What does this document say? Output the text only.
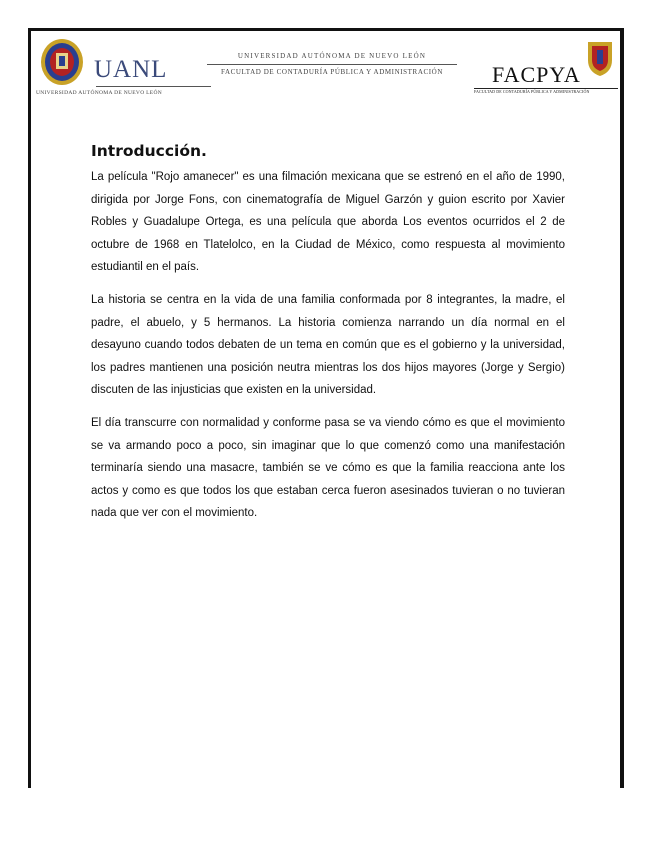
UANL
UNIVERSIDAD AUTÓNOMA DE NUEVO LEÓN
UNIVERSIDAD AUTÓNOMA DE NUEVO LEÓN
FACULTAD DE CONTADURÍA PÚBLICA Y ADMINISTRACIÓN	FACPYA
FACULTAD DE CONTADURÍA PÚBLICA Y ADMINISTRACIÓN
Introducción.

La película "Rojo amanecer" es una filmación mexicana que se estrenó en el año de 1990, dirigida por Jorge Fons, con cinematografía de Miguel Garzón y guion escrito por Xavier Robles y Guadalupe Ortega, es una película que aborda Los eventos ocurridos el 2 de octubre de 1968 en Tlatelolco, en la Ciudad de México, como respuesta al movimiento estudiantil en el país.

La historia se centra en la vida de una familia conformada por 8 integrantes, la madre, el padre, el abuelo, y 5 hermanos. La historia comienza narrando un día normal en el desayuno cuando todos debaten de un tema en común que es el gobierno y la universidad, los padres mantienen una posición neutra mientras los dos hijos mayores (Jorge y Sergio) discuten de las injusticias que existen en la universidad.

El día transcurre con normalidad y conforme pasa se va viendo cómo es que el movimiento se va armando poco a poco, sin imaginar que lo que comenzó como una manifestación terminaría siendo una masacre, también se ve cómo es que la familia reacciona ante los actos y como es que todos los que estaban cerca fueron asesinados tuvieran o no tuvieran nada que ver con el movimiento.
